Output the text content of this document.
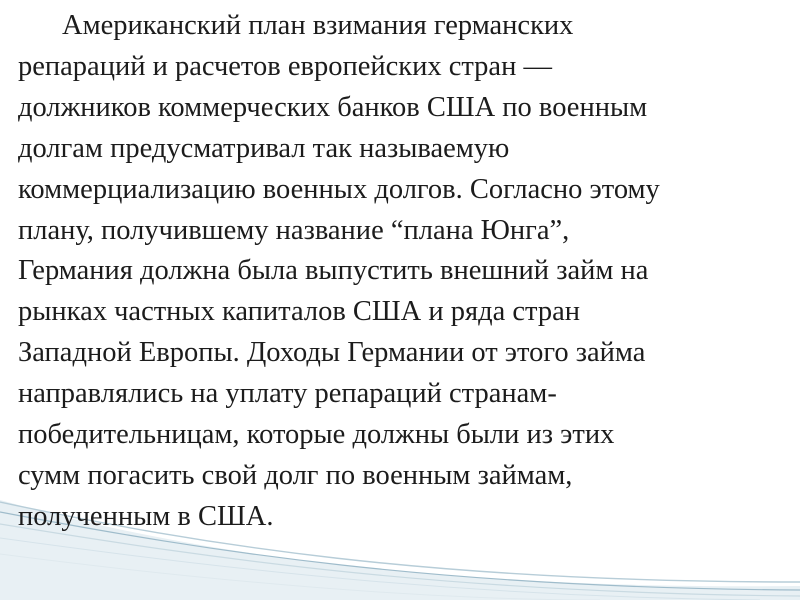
Американский план взимания германских
репараций и расчетов европейских стран —
должников коммерческих банков США по военным
долгам предусматривал так называемую
коммерциализацию военных долгов. Согласно этому
плану, получившему название “плана Юнга”,
Германия должна была выпустить внешний займ на
рынках частных капиталов США и ряда стран
Западной Европы. Доходы Германии от этого займа
направлялись на уплату репараций странам-
победительницам, которые должны были из этих
сумм погасить свой долг по военным займам,
полученным в США.
